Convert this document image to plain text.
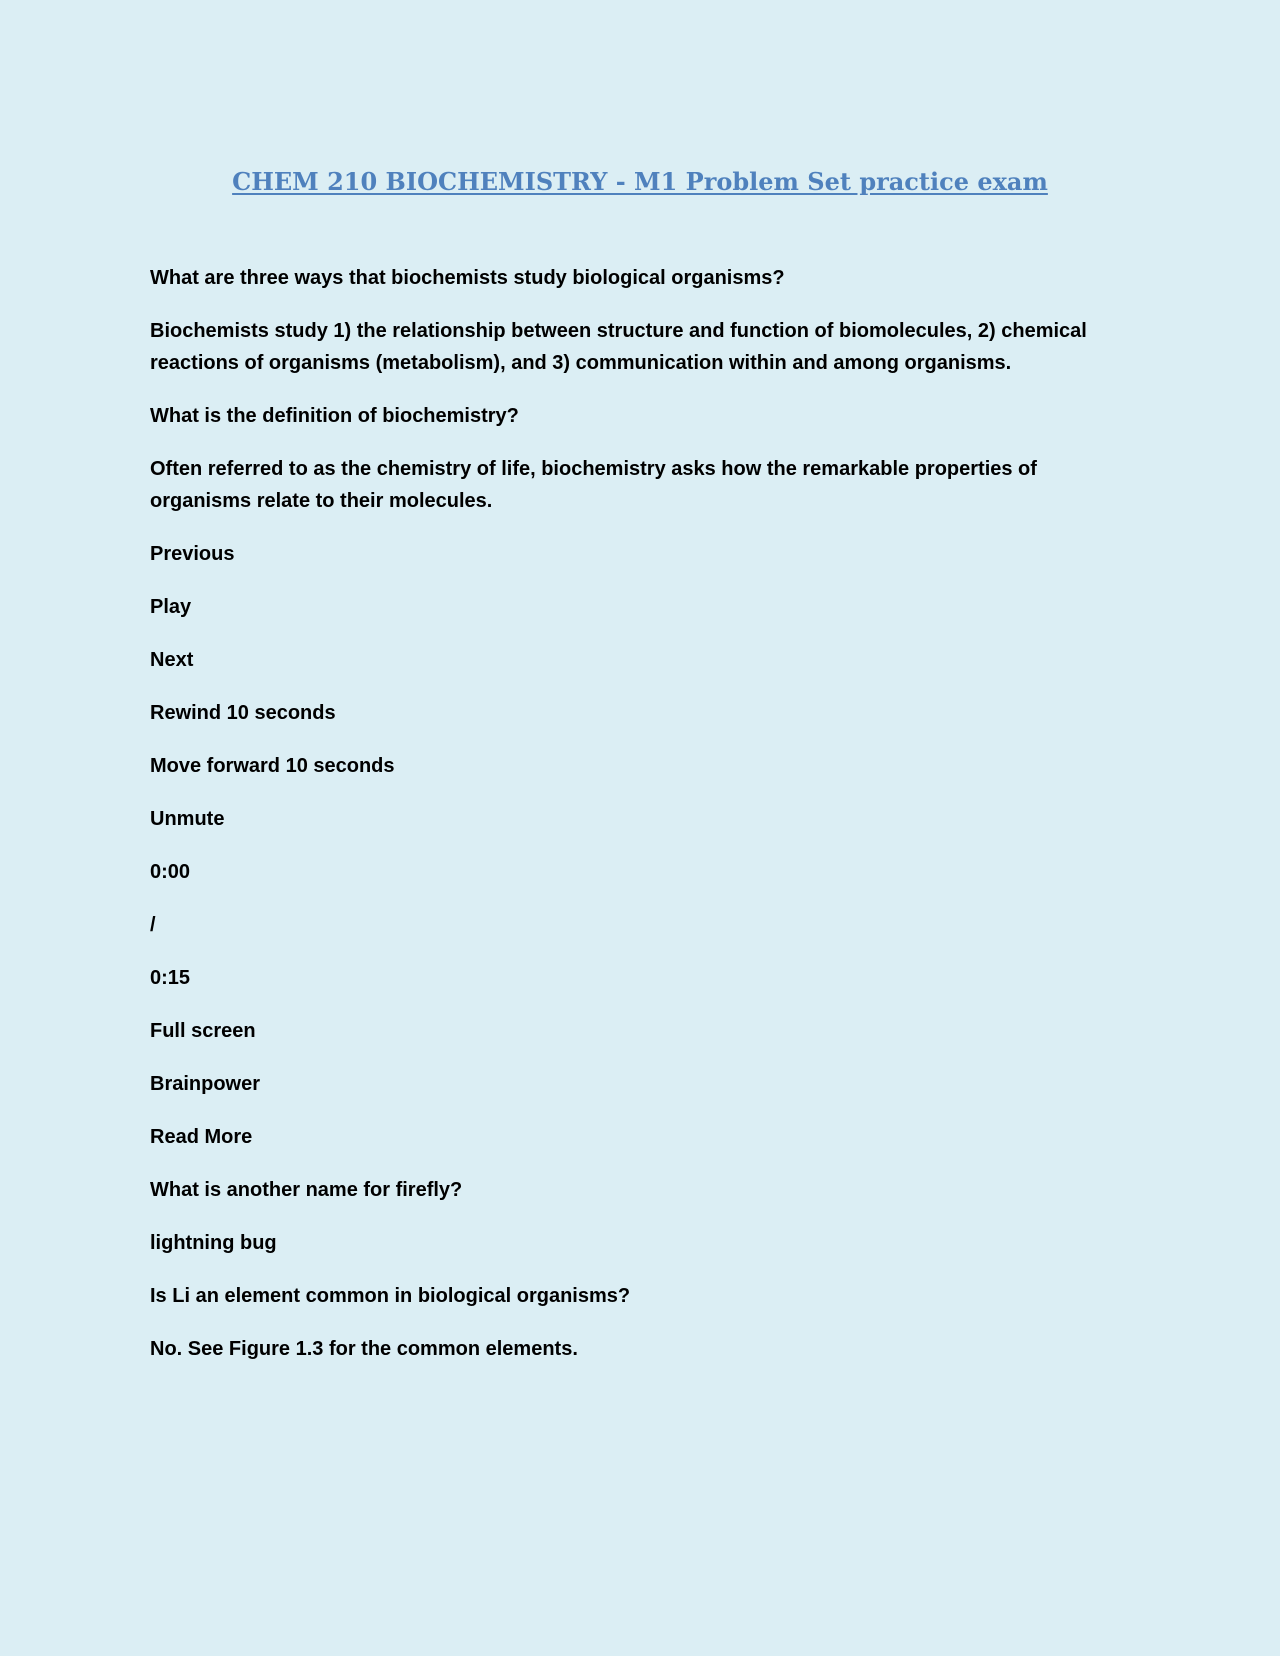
CHEM 210 BIOCHEMISTRY - M1 Problem Set practice exam

What are three ways that biochemists study biological organisms?

Biochemists study 1) the relationship between structure and function of biomolecules, 2) chemical reactions of organisms (metabolism), and 3) communication within and among organisms.

What is the definition of biochemistry?

Often referred to as the chemistry of life, biochemistry asks how the remarkable properties of organisms relate to their molecules.

Previous

Play

Next

Rewind 10 seconds

Move forward 10 seconds

Unmute

0:00

/

0:15

Full screen

Brainpower

Read More

What is another name for firefly?

lightning bug

Is Li an element common in biological organisms?

No. See Figure 1.3 for the common elements.
